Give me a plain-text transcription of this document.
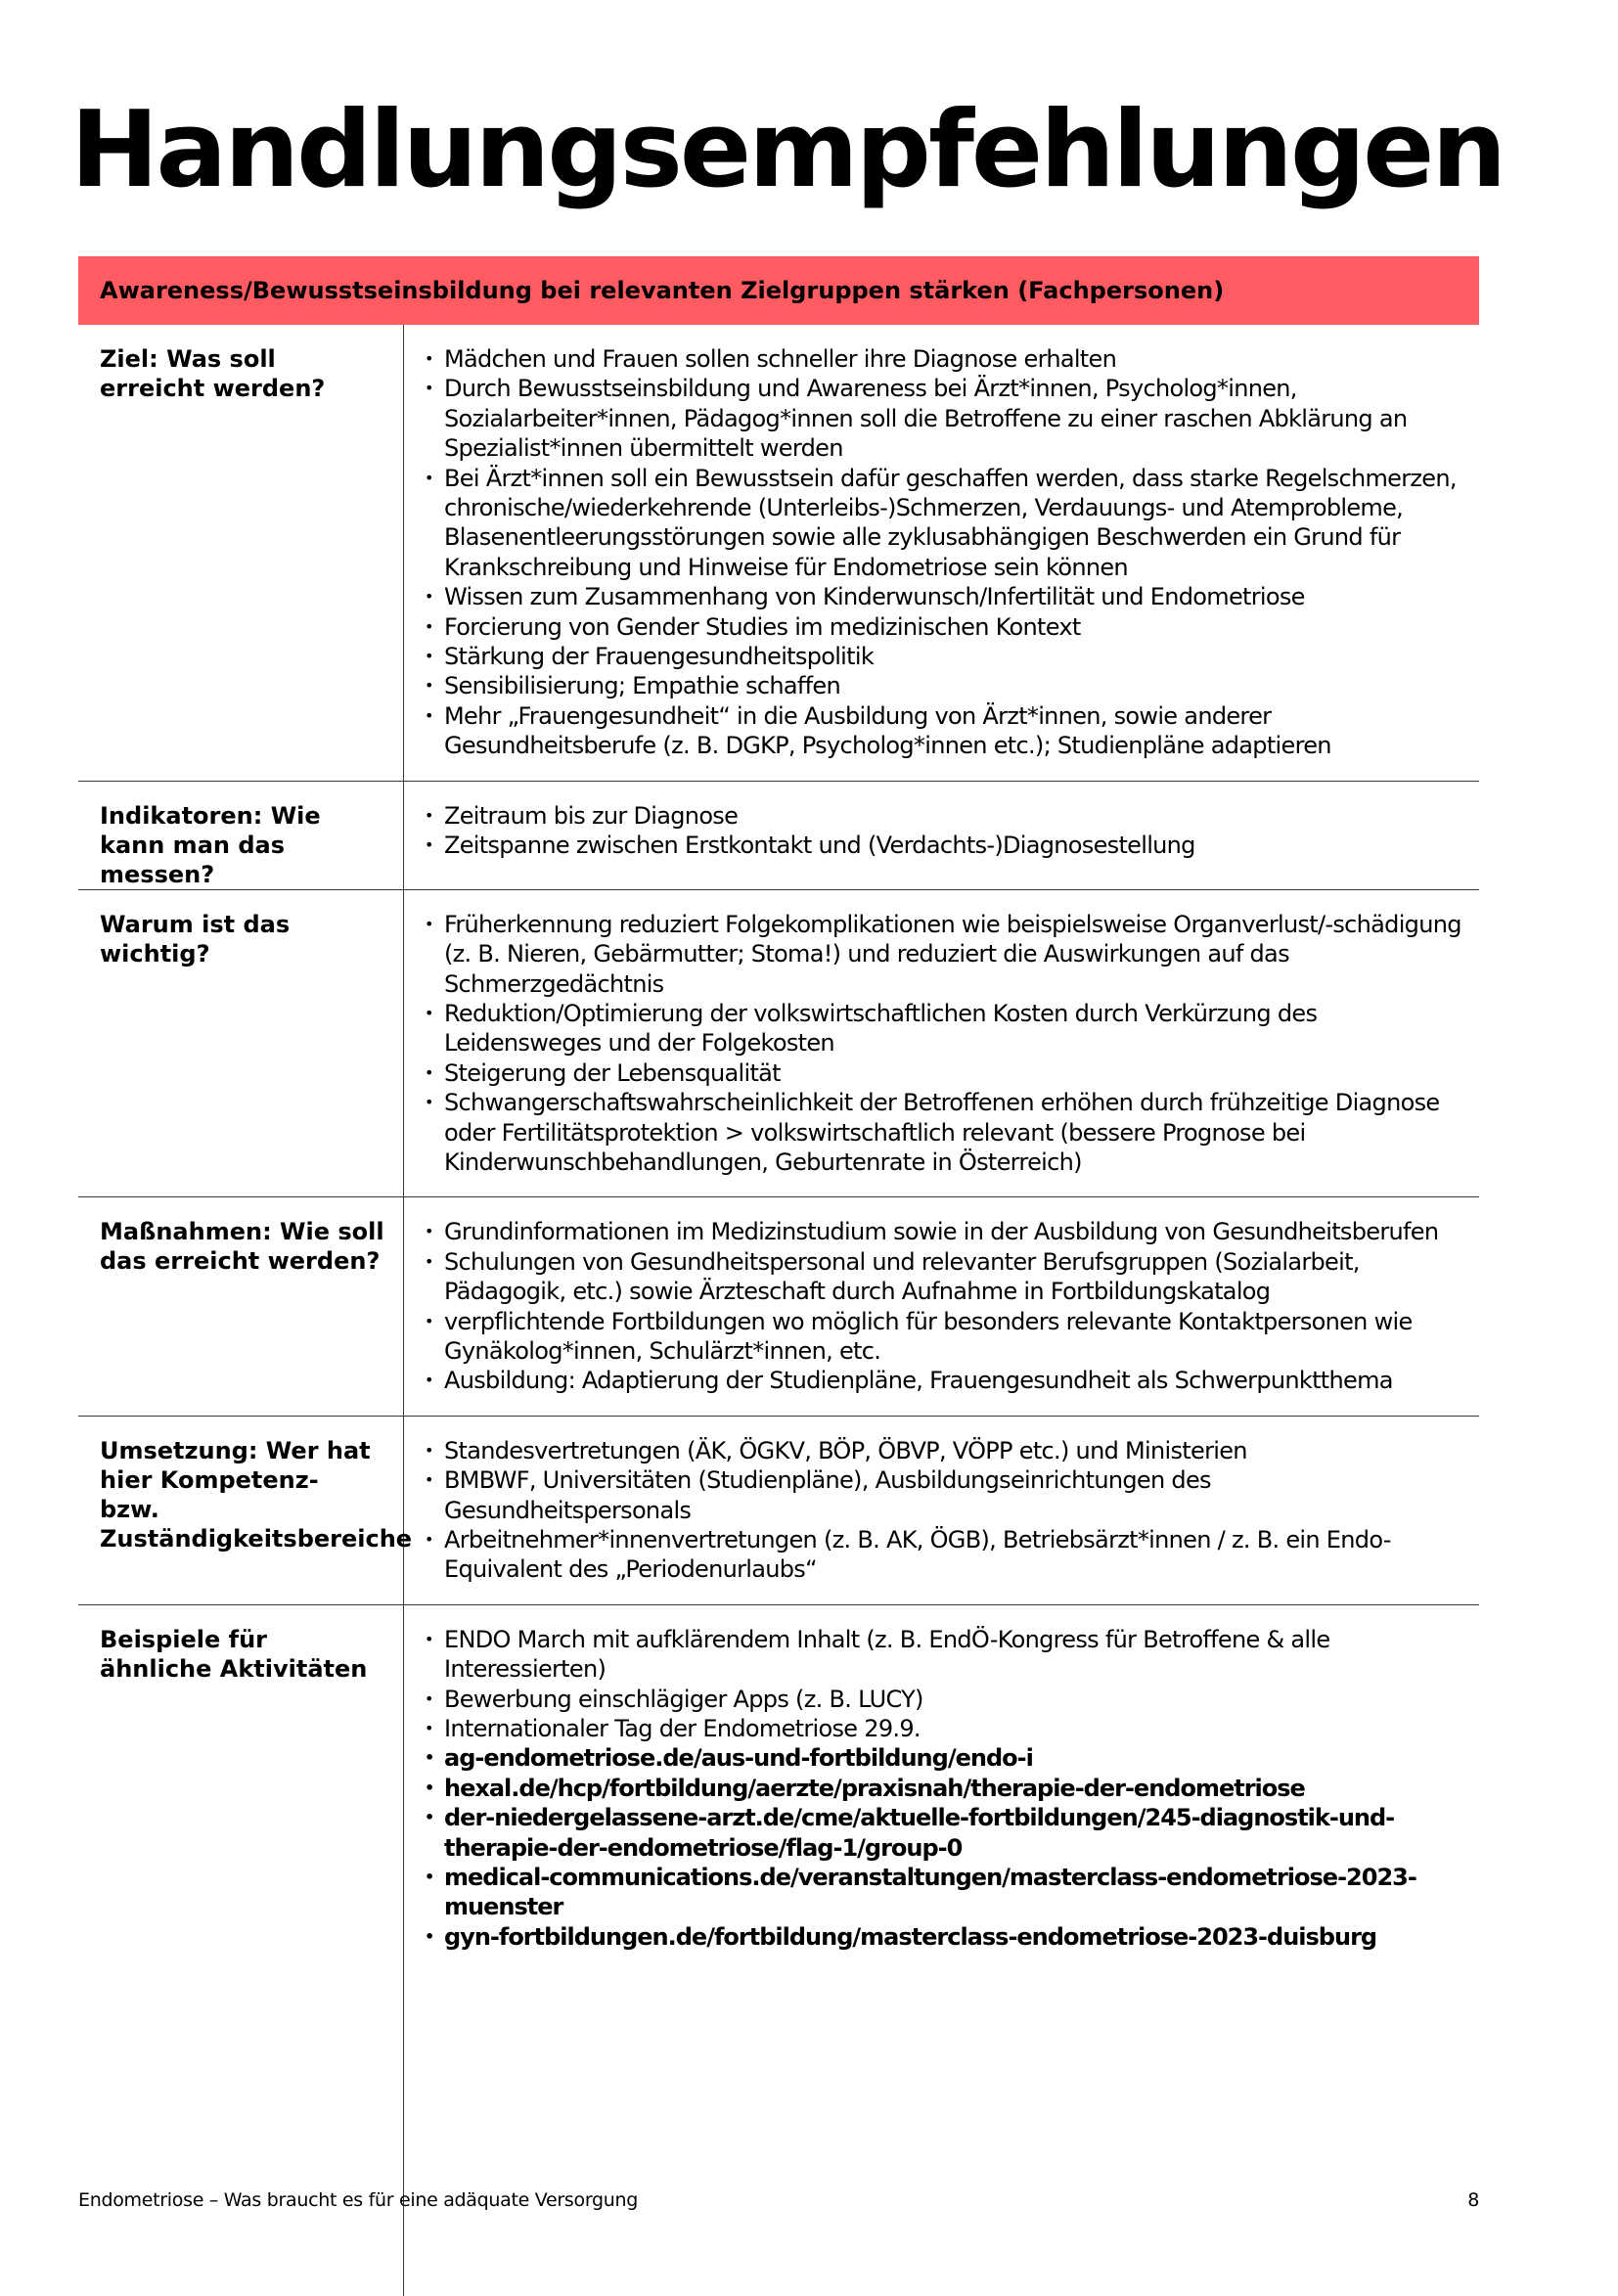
Handlungsempfehlungen
Awareness/Bewusstseinsbildung bei relevanten Zielgruppen stärken (Fachpersonen)
Ziel: Was soll erreicht werden?
• Mädchen und Frauen sollen schneller ihre Diagnose erhalten
• Durch Bewusstseinsbildung und Awareness bei Ärzt*innen, Psycholog*innen, Sozialarbeiter*innen, Pädagog*innen soll die Betroffene zu einer raschen Abklärung an Spezialist*innen übermittelt werden
• Bei Ärzt*innen soll ein Bewusstsein dafür geschaffen werden, dass starke Regelschmerzen, chronische/wiederkehrende (Unterleibs-)Schmerzen, Verdauungs- und Atemprobleme, Blasenentleerungsstörungen sowie alle zyklusabhängigen Beschwerden ein Grund für Krankschreibung und Hinweise für Endometriose sein können
• Wissen zum Zusammenhang von Kinderwunsch/Infertilität und Endometriose
• Forcierung von Gender Studies im medizinischen Kontext
• Stärkung der Frauengesundheitspolitik
• Sensibilisierung; Empathie schaffen
• Mehr „Frauengesundheit“ in die Ausbildung von Ärzt*innen, sowie anderer Gesundheitsberufe (z. B. DGKP, Psycholog*innen etc.); Studienpläne adaptieren
Indikatoren: Wie kann man das messen?
• Zeitraum bis zur Diagnose
• Zeitspanne zwischen Erstkontakt und (Verdachts-)Diagnosestellung
Warum ist das wichtig?
• Früherkennung reduziert Folgekomplikationen wie beispielsweise Organverlust/-schädigung (z. B. Nieren, Gebärmutter; Stoma!) und reduziert die Auswirkungen auf das Schmerzgedächtnis
• Reduktion/Optimierung der volkswirtschaftlichen Kosten durch Verkürzung des Leidensweges und der Folgekosten
• Steigerung der Lebensqualität
• Schwangerschaftswahrscheinlichkeit der Betroffenen erhöhen durch frühzeitige Diagnose oder Fertilitätsprotektion > volkswirtschaftlich relevant (bessere Prognose bei Kinderwunschbehandlungen, Geburtenrate in Österreich)
Maßnahmen: Wie soll das erreicht werden?
• Grundinformationen im Medizinstudium sowie in der Ausbildung von Gesundheitsberufen
• Schulungen von Gesundheitspersonal und relevanter Berufsgruppen (Sozialarbeit, Pädagogik, etc.) sowie Ärzteschaft durch Aufnahme in Fortbildungskatalog
• verpflichtende Fortbildungen wo möglich für besonders relevante Kontaktpersonen wie Gynäkolog*innen, Schulärzt*innen, etc.
• Ausbildung: Adaptierung der Studienpläne, Frauengesundheit als Schwerpunktthema
Umsetzung: Wer hat hier Kompetenz- bzw. Zuständigkeitsbereiche
• Standesvertretungen (ÄK, ÖGKV, BÖP, ÖBVP, VÖPP etc.) und Ministerien
• BMBWF, Universitäten (Studienpläne), Ausbildungseinrichtungen des Gesundheitspersonals
• Arbeitnehmer*innenvertretungen (z. B. AK, ÖGB), Betriebsärzt*innen / z. B. ein Endo-Equivalent des „Periodenurlaubs“
Beispiele für ähnliche Aktivitäten
• ENDO March mit aufklärendem Inhalt (z. B. EndÖ-Kongress für Betroffene & alle Interessierten)
• Bewerbung einschlägiger Apps (z. B. LUCY)
• Internationaler Tag der Endometriose 29.9.
• ag-endometriose.de/aus-und-fortbildung/endo-i
• hexal.de/hcp/fortbildung/aerzte/praxisnah/therapie-der-endometriose
• der-niedergelassene-arzt.de/cme/aktuelle-fortbildungen/245-diagnostik-und-therapie-der-endometriose/flag-1/group-0
• medical-communications.de/veranstaltungen/masterclass-endometriose-2023-muenster
• gyn-fortbildungen.de/fortbildung/masterclass-endometriose-2023-duisburg
Endometriose – Was braucht es für eine adäquate Versorgung	8
